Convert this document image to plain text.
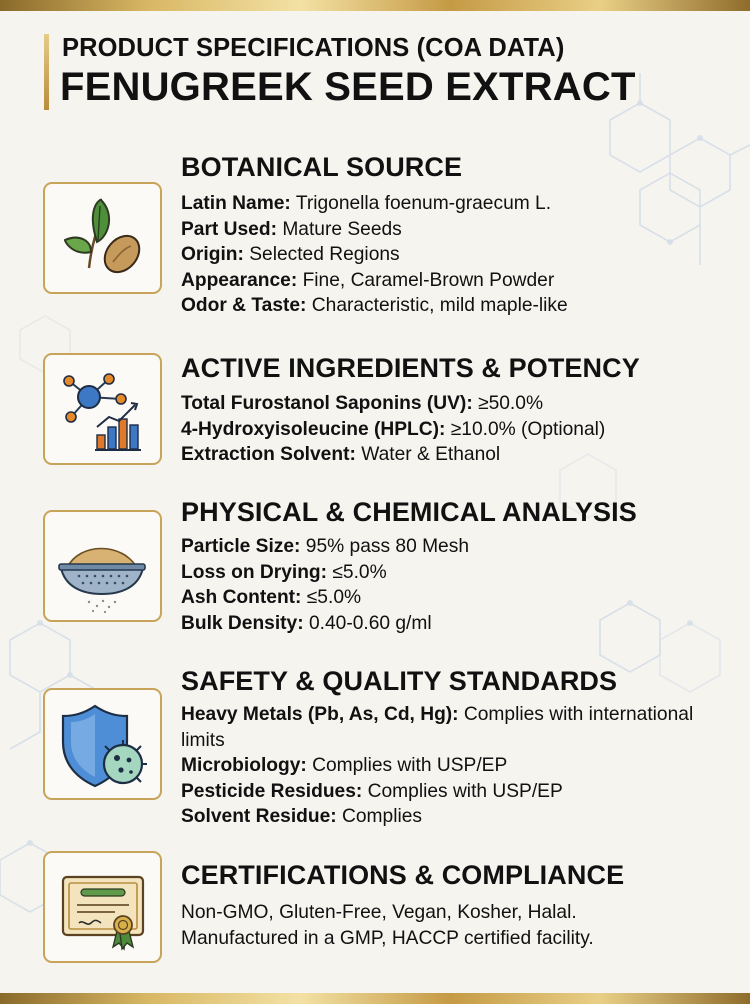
PRODUCT SPECIFICATIONS (COA DATA)
FENUGREEK SEED EXTRACT
BOTANICAL SOURCE
Latin Name: Trigonella foenum-graecum L.
Part Used: Mature Seeds
Origin: Selected Regions
Appearance: Fine, Caramel-Brown Powder
Odor & Taste: Characteristic, mild maple-like
ACTIVE INGREDIENTS & POTENCY
Total Furostanol Saponins (UV): ≥50.0%
4-Hydroxyisoleucine (HPLC): ≥10.0% (Optional)
Extraction Solvent: Water & Ethanol
PHYSICAL & CHEMICAL ANALYSIS
Particle Size: 95% pass 80 Mesh
Loss on Drying: ≤5.0%
Ash Content: ≤5.0%
Bulk Density: 0.40-0.60 g/ml
SAFETY & QUALITY STANDARDS
Heavy Metals (Pb, As, Cd, Hg): Complies with international limits
Microbiology: Complies with USP/EP
Pesticide Residues: Complies with USP/EP
Solvent Residue: Complies
CERTIFICATIONS & COMPLIANCE
Non-GMO, Gluten-Free, Vegan, Kosher, Halal.
Manufactured in a GMP, HACCP certified facility.
